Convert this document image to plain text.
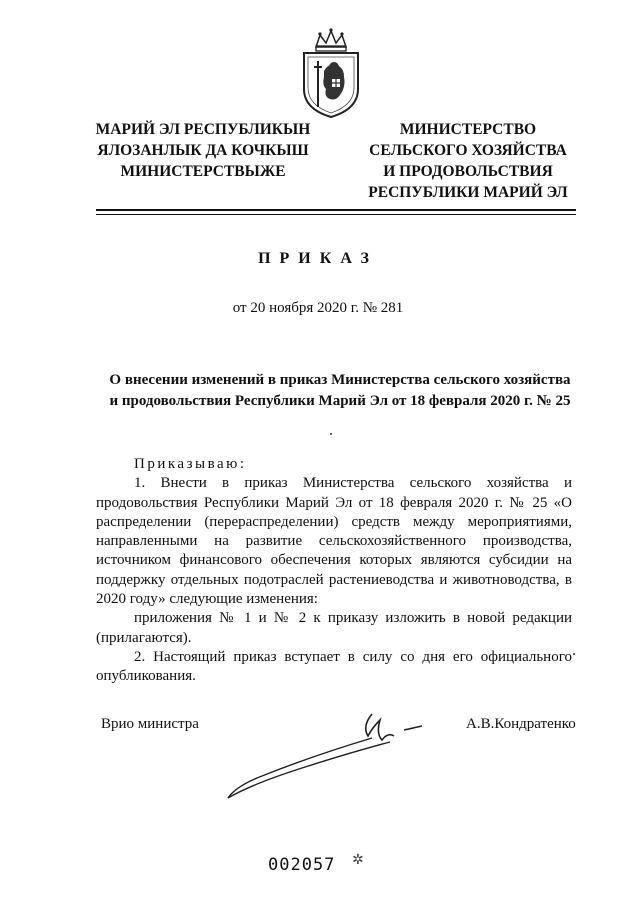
МАРИЙ ЭЛ РЕСПУБЛИКЫН
ЯЛОЗАНЛЫК ДА КОЧКЫШ
МИНИСТЕРСТВЫЖЕ
МИНИСТЕРСТВО
СЕЛЬСКОГО ХОЗЯЙСТВА
И ПРОДОВОЛЬСТВИЯ
РЕСПУБЛИКИ МАРИЙ ЭЛ
ПРИКАЗ
от 20 ноября 2020 г. № 281
О внесении изменений в приказ Министерства сельского хозяйства
и продовольствия Республики Марий Эл от 18 февраля 2020 г. № 25

Приказываю:

1. Внести в приказ Министерства сельского хозяйства и продовольствия Республики Марий Эл от 18 февраля 2020 г. № 25 «О распределении (перераспределении) средств между мероприятиями, направленными на развитие сельскохозяйственного производства, источником финансового обеспечения которых являются субсидии на поддержку отдельных подотраслей растениеводства и животноводства, в 2020 году» следующие изменения:

приложения № 1 и № 2 к приказу изложить в новой редакции (прилагаются).

2. Настоящий приказ вступает в силу со дня его официального опубликования.

Врио министра	А.В.Кондратенко
002057 ✲
